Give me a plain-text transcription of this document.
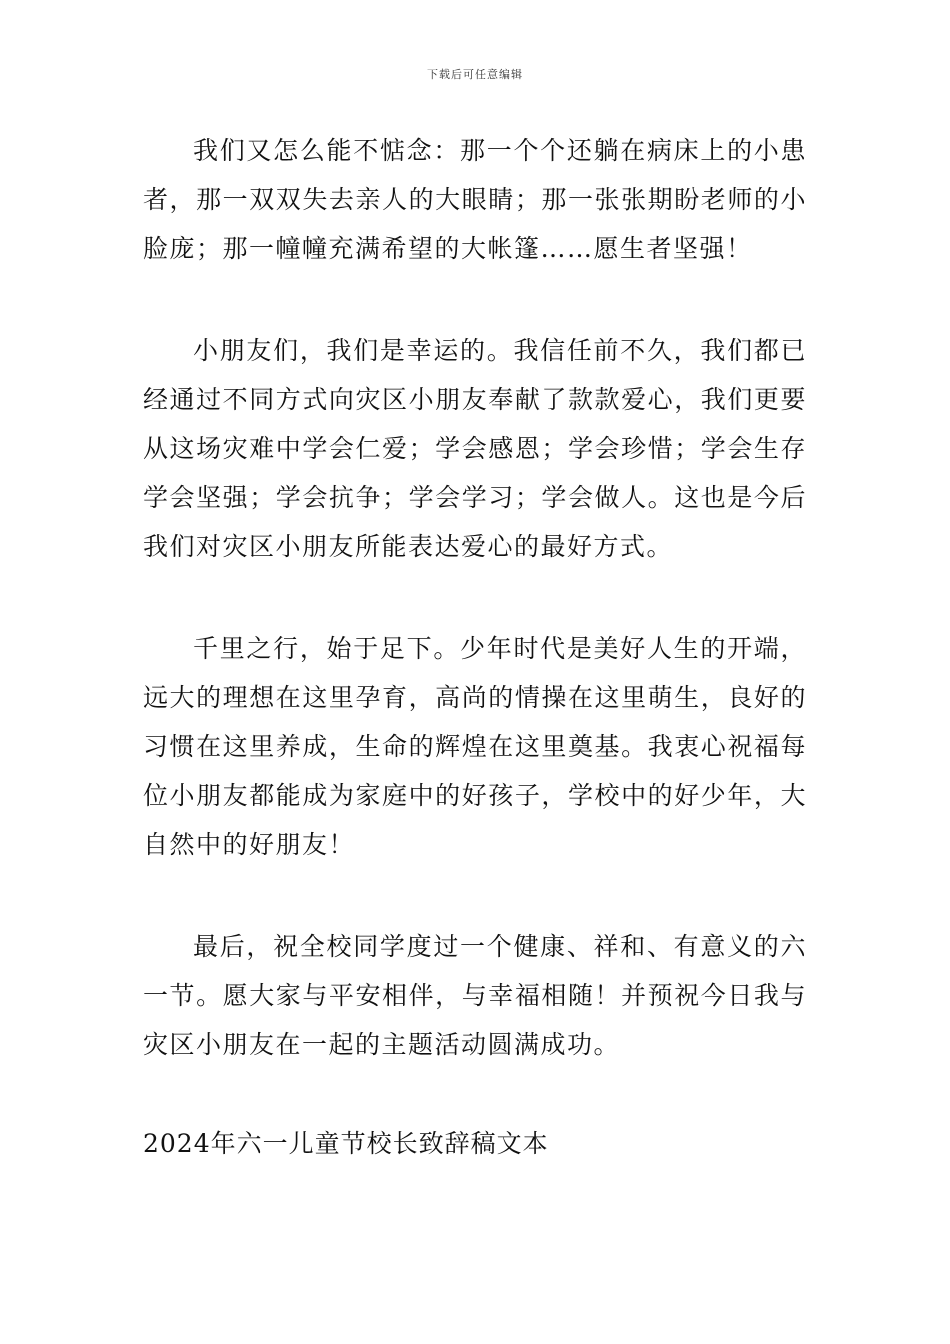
下载后可任意编辑

我们又怎么能不惦念：那一个个还躺在病床上的小患者，那一双双失去亲人的大眼睛；那一张张期盼老师的小脸庞；那一幢幢充满希望的大帐篷……愿生者坚强！

小朋友们，我们是幸运的。我信任前不久，我们都已经通过不同方式向灾区小朋友奉献了款款爱心，我们更要从这场灾难中学会仁爱；学会感恩；学会珍惜；学会生存学会坚强；学会抗争；学会学习；学会做人。这也是今后我们对灾区小朋友所能表达爱心的最好方式。

千里之行，始于足下。少年时代是美好人生的开端，远大的理想在这里孕育，高尚的情操在这里萌生，良好的习惯在这里养成，生命的辉煌在这里奠基。我衷心祝福每位小朋友都能成为家庭中的好孩子，学校中的好少年，大自然中的好朋友！

最后，祝全校同学度过一个健康、祥和、有意义的六一节。愿大家与平安相伴，与幸福相随！并预祝今日我与灾区小朋友在一起的主题活动圆满成功。

2024年六一儿童节校长致辞稿文本
